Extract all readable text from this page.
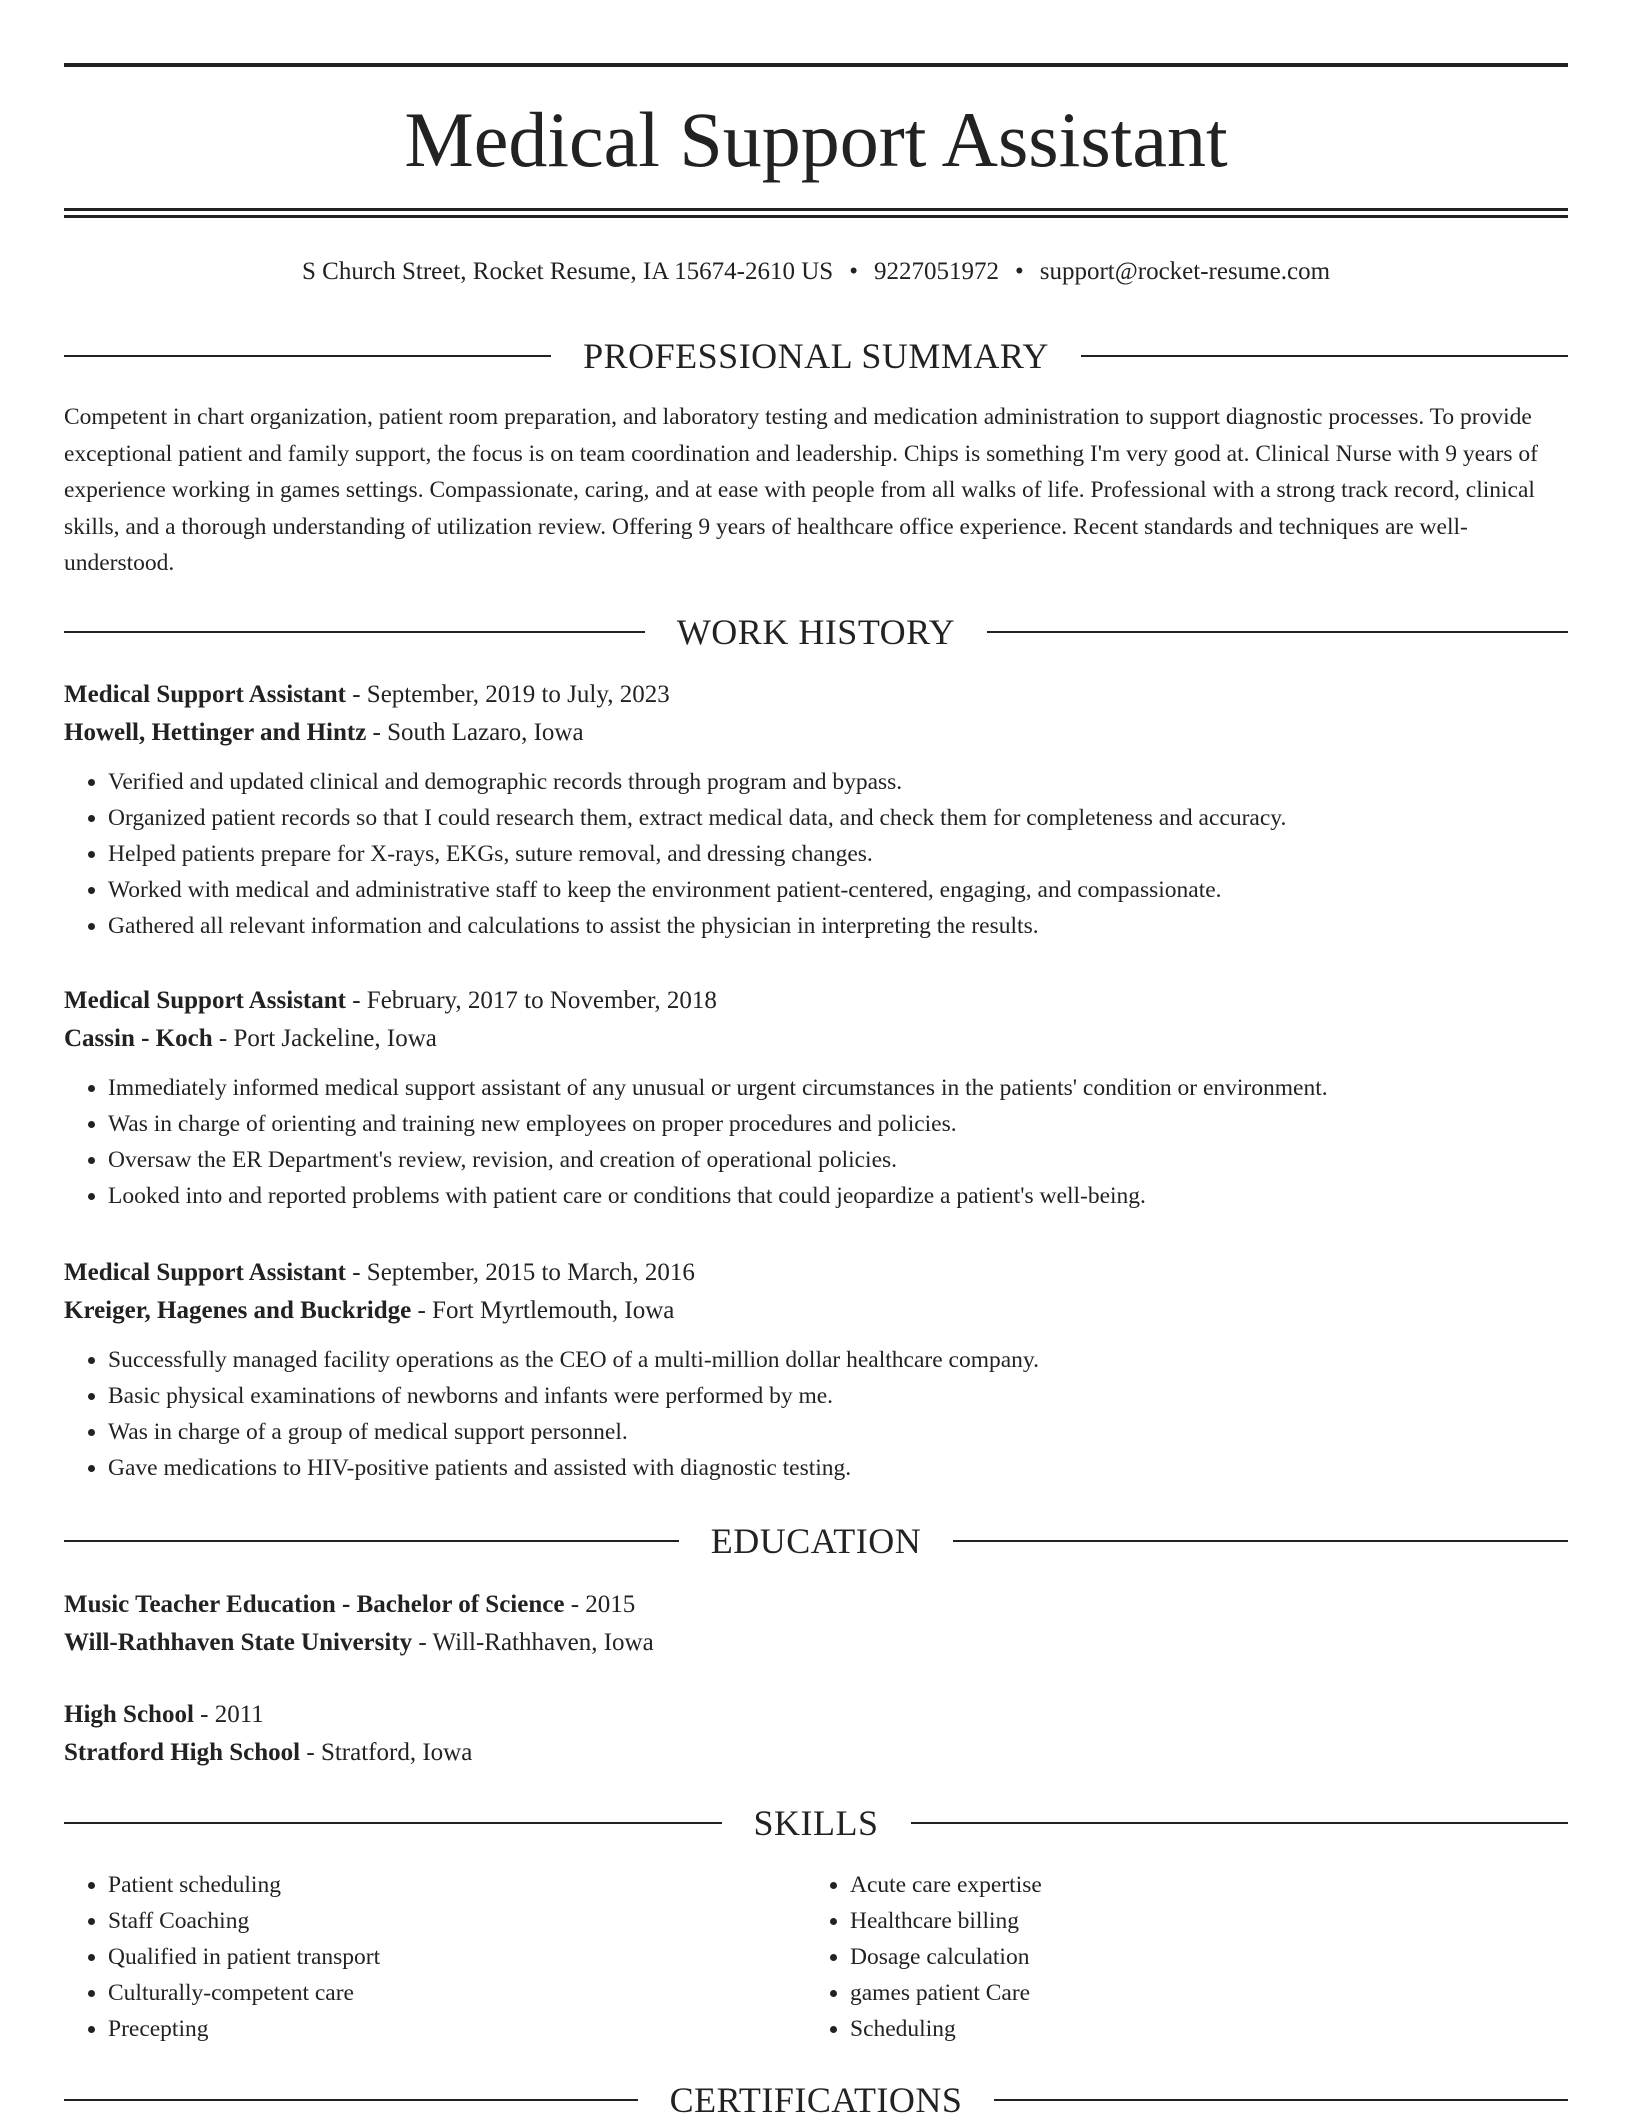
Medical Support Assistant
S Church Street, Rocket Resume, IA 15674-2610 US • 9227051972 • support@rocket-resume.com
PROFESSIONAL SUMMARY

Competent in chart organization, patient room preparation, and laboratory testing and medication administration to support diagnostic processes. To provide exceptional patient and family support, the focus is on team coordination and leadership. Chips is something I'm very good at. Clinical Nurse with 9 years of experience working in games settings. Compassionate, caring, and at ease with people from all walks of life. Professional with a strong track record, clinical skills, and a thorough understanding of utilization review. Offering 9 years of healthcare office experience. Recent standards and techniques are well-understood.

WORK HISTORY
Medical Support Assistant - September, 2019 to July, 2023
Howell, Hettinger and Hintz - South Lazaro, Iowa
• Verified and updated clinical and demographic records through program and bypass.
• Organized patient records so that I could research them, extract medical data, and check them for completeness and accuracy.
• Helped patients prepare for X-rays, EKGs, suture removal, and dressing changes.
• Worked with medical and administrative staff to keep the environment patient-centered, engaging, and compassionate.
• Gathered all relevant information and calculations to assist the physician in interpreting the results.
Medical Support Assistant - February, 2017 to November, 2018
Cassin - Koch - Port Jackeline, Iowa
• Immediately informed medical support assistant of any unusual or urgent circumstances in the patients' condition or environment.
• Was in charge of orienting and training new employees on proper procedures and policies.
• Oversaw the ER Department's review, revision, and creation of operational policies.
• Looked into and reported problems with patient care or conditions that could jeopardize a patient's well-being.
Medical Support Assistant - September, 2015 to March, 2016
Kreiger, Hagenes and Buckridge - Fort Myrtlemouth, Iowa
• Successfully managed facility operations as the CEO of a multi-million dollar healthcare company.
• Basic physical examinations of newborns and infants were performed by me.
• Was in charge of a group of medical support personnel.
• Gave medications to HIV-positive patients and assisted with diagnostic testing.
EDUCATION
Music Teacher Education - Bachelor of Science - 2015
Will-Rathhaven State University - Will-Rathhaven, Iowa
High School - 2011
Stratford High School - Stratford, Iowa
SKILLS
• Patient scheduling
• Staff Coaching
• Qualified in patient transport
• Culturally-competent care
• Precepting
• Acute care expertise
• Healthcare billing
• Dosage calculation
• games patient Care
• Scheduling
CERTIFICATIONS
